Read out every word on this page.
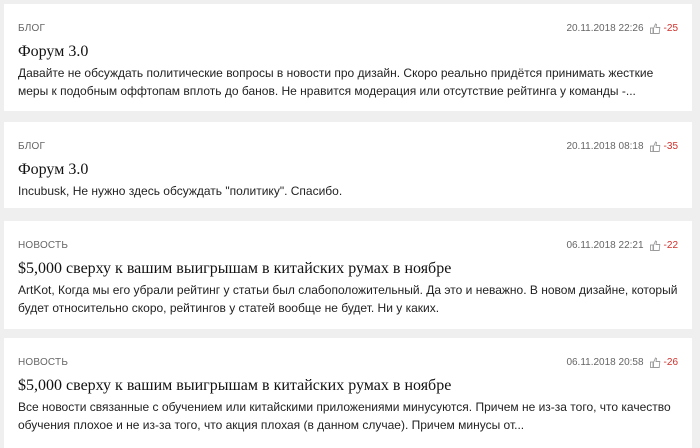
БЛОГ	20.11.2018 22:26 -25
Форум 3.0
Давайте не обсуждать политические вопросы в новости про дизайн. Скоро реально придётся принимать жесткие меры к подобным оффтопам вплоть до банов. Не нравится модерация или отсутствие рейтинга у команды -...
БЛОГ	20.11.2018 08:18 -35
Форум 3.0
Incubusk, Не нужно здесь обсуждать "политику". Спасибо.
НОВОСТЬ	06.11.2018 22:21 -22
$5,000 сверху к вашим выигрышам в китайских румах в ноябре
ArtKot, Когда мы его убрали рейтинг у статьи был слабоположительный. Да это и неважно. В новом дизайне, который будет относительно скоро, рейтингов у статей вообще не будет. Ни у каких.
НОВОСТЬ	06.11.2018 20:58 -26
$5,000 сверху к вашим выигрышам в китайских румах в ноябре
Все новости связанные с обучением или китайскими приложениями минусуются. Причем не из-за того, что качество обучения плохое и не из-за того, что акция плохая (в данном случае). Причем минусы от...
